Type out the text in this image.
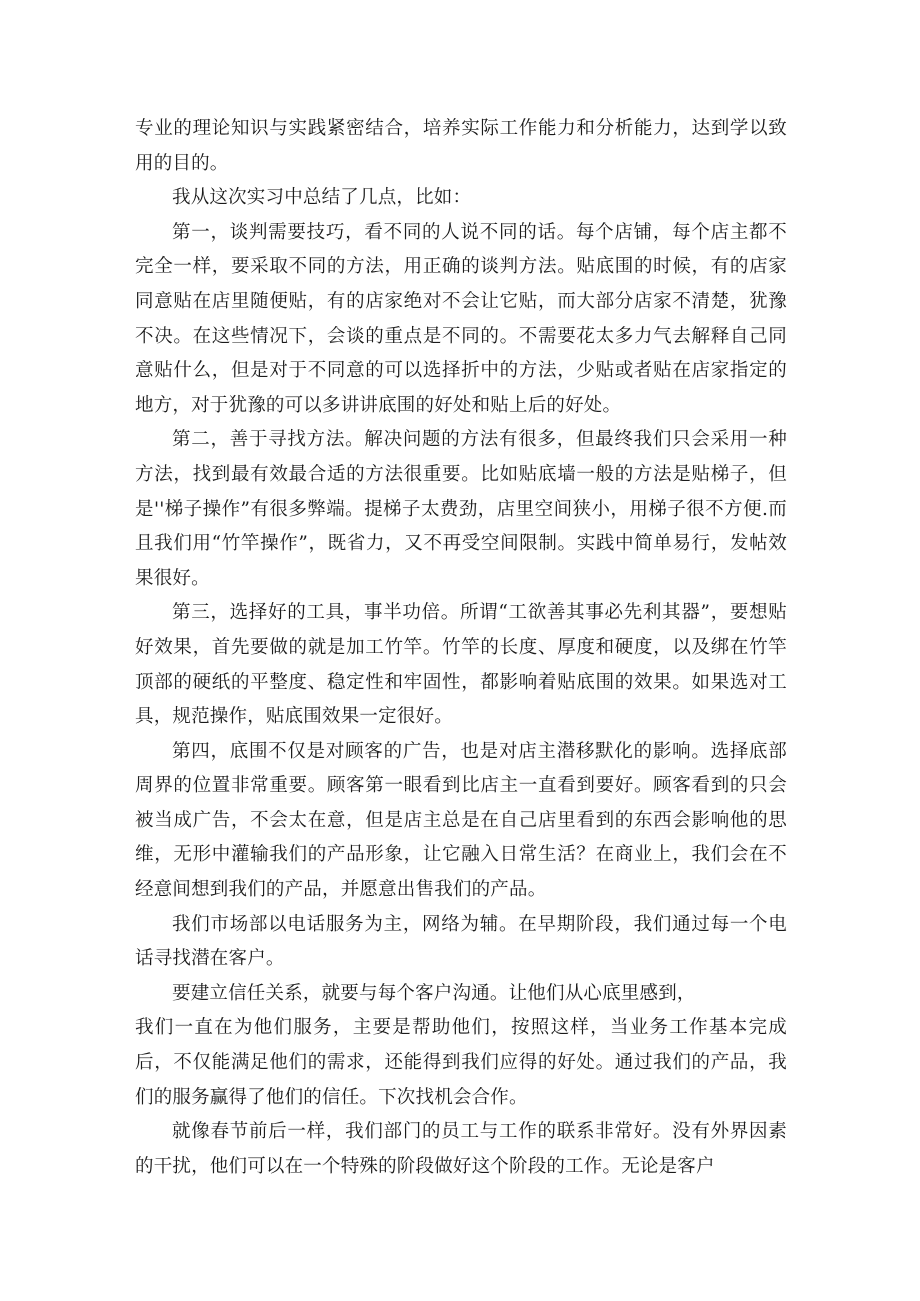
专业的理论知识与实践紧密结合，培养实际工作能力和分析能力，达到学以致用的目的。

我从这次实习中总结了几点，比如：

第一，谈判需要技巧，看不同的人说不同的话。每个店铺，每个店主都不完全一样，要采取不同的方法，用正确的谈判方法。贴底围的时候，有的店家同意贴在店里随便贴，有的店家绝对不会让它贴，而大部分店家不清楚，犹豫不决。在这些情况下，会谈的重点是不同的。不需要花太多力气去解释自己同意贴什么，但是对于不同意的可以选择折中的方法，少贴或者贴在店家指定的地方，对于犹豫的可以多讲讲底围的好处和贴上后的好处。

第二，善于寻找方法。解决问题的方法有很多，但最终我们只会采用一种方法，找到最有效最合适的方法很重要。比如贴底墙一般的方法是贴梯子，但是''梯子操作”有很多弊端。提梯子太费劲，店里空间狭小，用梯子很不方便.而且我们用“竹竿操作”，既省力，又不再受空间限制。实践中简单易行，发帖效果很好。

第三，选择好的工具，事半功倍。所谓“工欲善其事必先利其器”，要想贴好效果，首先要做的就是加工竹竿。竹竿的长度、厚度和硬度，以及绑在竹竿顶部的硬纸的平整度、稳定性和牢固性，都影响着贴底围的效果。如果选对工具，规范操作，贴底围效果一定很好。

第四，底围不仅是对顾客的广告，也是对店主潜移默化的影响。选择底部周界的位置非常重要。顾客第一眼看到比店主一直看到要好。顾客看到的只会被当成广告，不会太在意，但是店主总是在自己店里看到的东西会影响他的思维，无形中灌输我们的产品形象，让它融入日常生活？在商业上，我们会在不经意间想到我们的产品，并愿意出售我们的产品。

我们市场部以电话服务为主，网络为辅。在早期阶段，我们通过每一个电话寻找潜在客户。

要建立信任关系，就要与每个客户沟通。让他们从心底里感到，

我们一直在为他们服务，主要是帮助他们，按照这样，当业务工作基本完成后，不仅能满足他们的需求，还能得到我们应得的好处。通过我们的产品，我们的服务赢得了他们的信任。下次找机会合作。

就像春节前后一样，我们部门的员工与工作的联系非常好。没有外界因素的干扰，他们可以在一个特殊的阶段做好这个阶段的工作。无论是客户
